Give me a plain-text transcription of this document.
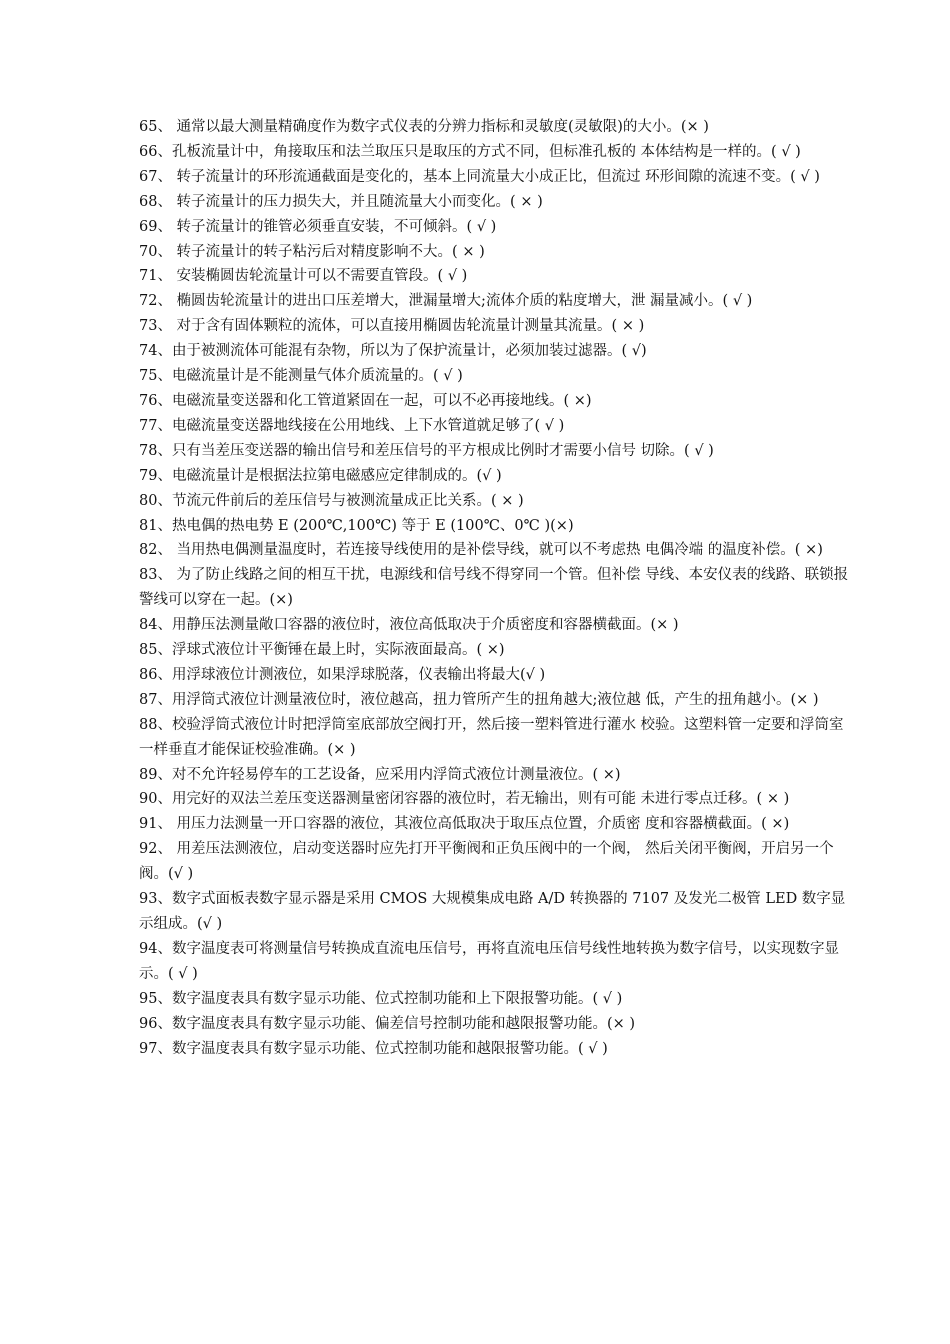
65、 通常以最大测量精确度作为数字式仪表的分辨力指标和灵敏度(灵敏限)的大小。(× )

66、孔板流量计中，角接取压和法兰取压只是取压的方式不同，但标准孔板的 本体结构是一样的。( √ )

67、 转子流量计的环形流通截面是变化的，基本上同流量大小成正比，但流过 环形间隙的流速不变。( √ )

68、 转子流量计的压力损失大，并且随流量大小而变化。( × )

69、 转子流量计的锥管必须垂直安装，不可倾斜。( √ )

70、 转子流量计的转子粘污后对精度影响不大。( × )

71、 安装椭圆齿轮流量计可以不需要直管段。( √ )

72、 椭圆齿轮流量计的进出口压差增大，泄漏量增大;流体介质的粘度增大，泄 漏量减小。( √ )

73、 对于含有固体颗粒的流体，可以直接用椭圆齿轮流量计测量其流量。( × )

74、由于被测流体可能混有杂物，所以为了保护流量计，必须加装过滤器。( √)

75、电磁流量计是不能测量气体介质流量的。( √ )

76、电磁流量变送器和化工管道紧固在一起，可以不必再接地线。( ×)

77、电磁流量变送器地线接在公用地线、上下水管道就足够了( √ )

78、只有当差压变送器的输出信号和差压信号的平方根成比例时才需要小信号 切除。( √ )

79、电磁流量计是根据法拉第电磁感应定律制成的。(√ )

80、节流元件前后的差压信号与被测流量成正比关系。( × )

81、热电偶的热电势 E (200℃,100℃) 等于 E (100℃、0℃ )(×)

82、 当用热电偶测量温度时，若连接导线使用的是补偿导线，就可以不考虑热 电偶冷端 的温度补偿。( ×)

83、 为了防止线路之间的相互干扰，电源线和信号线不得穿同一个管。但补偿 导线、本安仪表的线路、联锁报警线可以穿在一起。(×)

84、用静压法测量敞口容器的液位时，液位高低取决于介质密度和容器横截面。(× )

85、浮球式液位计平衡锤在最上时，实际液面最高。( ×)

86、用浮球液位计测液位，如果浮球脱落，仪表输出将最大(√ )

87、用浮筒式液位计测量液位时，液位越高，扭力管所产生的扭角越大;液位越 低，产生的扭角越小。(× )

88、校验浮筒式液位计时把浮筒室底部放空阀打开，然后接一塑料管进行灌水 校验。这塑料管一定要和浮筒室一样垂直才能保证校验准确。(× )

89、对不允许轻易停车的工艺设备，应采用内浮筒式液位计测量液位。( ×)

90、用完好的双法兰差压变送器测量密闭容器的液位时，若无输出，则有可能 未进行零点迁移。( × )

91、 用压力法测量一开口容器的液位，其液位高低取决于取压点位置，介质密 度和容器横截面。( ×)

92、 用差压法测液位，启动变送器时应先打开平衡阀和正负压阀中的一个阀， 然后关闭平衡阀，开启另一个阀。(√ )

93、数字式面板表数字显示器是采用 CMOS 大规模集成电路 A/D 转换器的 7107 及发光二极管 LED 数字显示组成。(√ )

94、数字温度表可将测量信号转换成直流电压信号，再将直流电压信号线性地转换为数字信号，以实现数字显示。( √ )

95、数字温度表具有数字显示功能、位式控制功能和上下限报警功能。( √ )

96、数字温度表具有数字显示功能、偏差信号控制功能和越限报警功能。(× )

97、数字温度表具有数字显示功能、位式控制功能和越限报警功能。( √ )
